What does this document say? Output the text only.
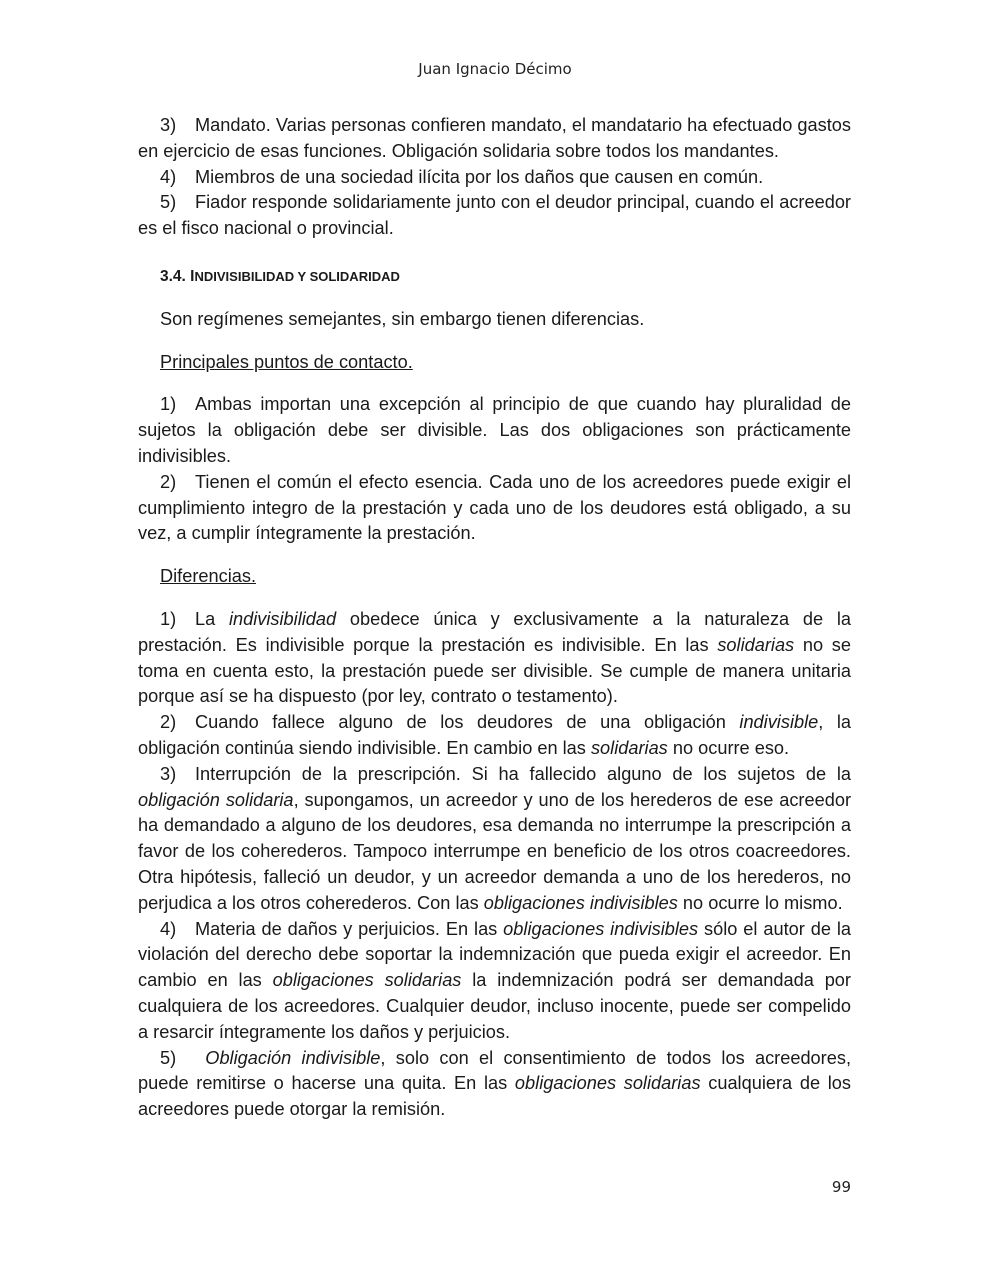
Juan Ignacio Décimo

3) Mandato. Varias personas confieren mandato, el mandatario ha efectuado gastos en ejercicio de esas funciones. Obligación solidaria sobre todos los mandantes.

4) Miembros de una sociedad ilícita por los daños que causen en común.

5) Fiador responde solidariamente junto con el deudor principal, cuando el acreedor es el fisco nacional o provincial.

3.4. INDIVISIBILIDAD Y SOLIDARIDAD

Son regímenes semejantes, sin embargo tienen diferencias.

Principales puntos de contacto.

1) Ambas importan una excepción al principio de que cuando hay pluralidad de sujetos la obligación debe ser divisible. Las dos obligaciones son prácticamente indivisibles.

2) Tienen el común el efecto esencia. Cada uno de los acreedores puede exigir el cumplimiento integro de la prestación y cada uno de los deudores está obligado, a su vez, a cumplir íntegramente la prestación.

Diferencias.

1) La indivisibilidad obedece única y exclusivamente a la naturaleza de la prestación. Es indivisible porque la prestación es indivisible. En las solidarias no se toma en cuenta esto, la prestación puede ser divisible. Se cumple de manera unitaria porque así se ha dispuesto (por ley, contrato o testamento).

2) Cuando fallece alguno de los deudores de una obligación indivisible, la obligación continúa siendo indivisible. En cambio en las solidarias no ocurre eso.

3) Interrupción de la prescripción. Si ha fallecido alguno de los sujetos de la obligación solidaria, supongamos, un acreedor y uno de los herederos de ese acreedor ha demandado a alguno de los deudores, esa demanda no interrumpe la prescripción a favor de los coherederos. Tampoco interrumpe en beneficio de los otros coacreedores. Otra hipótesis, falleció un deudor, y un acreedor demanda a uno de los herederos, no perjudica a los otros coherederos. Con las obligaciones indivisibles no ocurre lo mismo.

4) Materia de daños y perjuicios. En las obligaciones indivisibles sólo el autor de la violación del derecho debe soportar la indemnización que pueda exigir el acreedor. En cambio en las obligaciones solidarias la indemnización podrá ser demandada por cualquiera de los acreedores. Cualquier deudor, incluso inocente, puede ser compelido a resarcir íntegramente los daños y perjuicios.

5) Obligación indivisible, solo con el consentimiento de todos los acreedores, puede remitirse o hacerse una quita. En las obligaciones solidarias cualquiera de los acreedores puede otorgar la remisión.

99
